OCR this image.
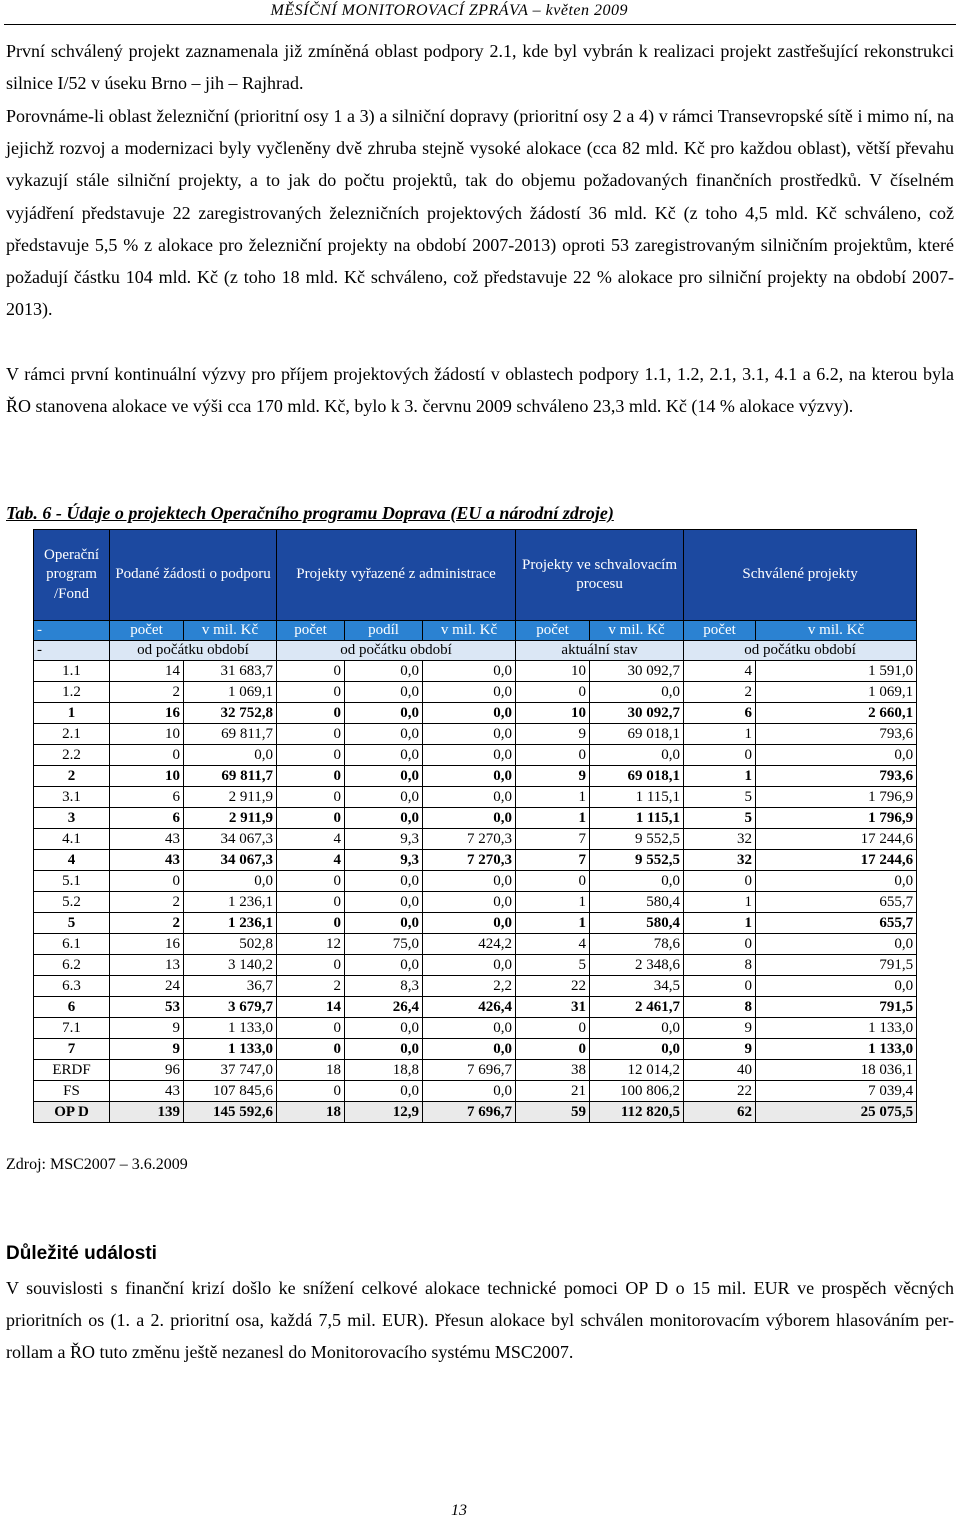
MĚSÍČNÍ MONITOROVACÍ ZPRÁVA – květen 2009

První schválený projekt zaznamenala již zmíněná oblast podpory 2.1, kde byl vybrán k realizaci projekt zastřešující rekonstrukci silnice I/52 v úseku Brno – jih – Rajhrad.

Porovnáme-li oblast železniční (prioritní osy 1 a 3) a silniční dopravy (prioritní osy 2 a 4) v rámci Transevropské sítě i mimo ní, na jejichž rozvoj a modernizaci byly vyčleněny dvě zhruba stejně vysoké alokace (cca 82 mld. Kč pro každou oblast), větší převahu vykazují stále silniční projekty, a to jak do počtu projektů, tak do objemu požadovaných finančních prostředků. V číselném vyjádření představuje 22 zaregistrovaných železničních projektových žádostí 36 mld. Kč (z toho 4,5 mld. Kč schváleno, což představuje 5,5 % z alokace pro železniční projekty na období 2007-2013) oproti 53 zaregistrovaným silničním projektům, které požadují částku 104 mld. Kč (z toho 18 mld. Kč schváleno, což představuje 22 % alokace pro silniční projekty na období 2007-2013).

V rámci první kontinuální výzvy pro příjem projektových žádostí v oblastech podpory 1.1, 1.2, 2.1, 3.1, 4.1 a 6.2, na kterou byla ŘO stanovena alokace ve výši cca 170 mld. Kč, bylo k 3. červnu 2009 schváleno 23,3 mld. Kč (14 % alokace výzvy).

Tab. 6 - Údaje o projektech Operačního programu Doprava (EU a národní zdroje)

Operační program /Fond	Podané žádosti o podporu		Projekty vyřazené z administrace			Projekty ve schvalovacím procesu		Schválené projekty	
-	počet	v mil. Kč	počet	podíl	v mil. Kč	počet	v mil. Kč	počet	v mil. Kč
-	od počátku období		od počátku období			aktuální stav		od počátku období	
1.1	14	31 683,7	0	0,0	0,0	10	30 092,7	4	1 591,0
1.2	2	1 069,1	0	0,0	0,0	0	0,0	2	1 069,1
1	16	32 752,8	0	0,0	0,0	10	30 092,7	6	2 660,1
2.1	10	69 811,7	0	0,0	0,0	9	69 018,1	1	793,6
2.2	0	0,0	0	0,0	0,0	0	0,0	0	0,0
2	10	69 811,7	0	0,0	0,0	9	69 018,1	1	793,6
3.1	6	2 911,9	0	0,0	0,0	1	1 115,1	5	1 796,9
3	6	2 911,9	0	0,0	0,0	1	1 115,1	5	1 796,9
4.1	43	34 067,3	4	9,3	7 270,3	7	9 552,5	32	17 244,6
4	43	34 067,3	4	9,3	7 270,3	7	9 552,5	32	17 244,6
5.1	0	0,0	0	0,0	0,0	0	0,0	0	0,0
5.2	2	1 236,1	0	0,0	0,0	1	580,4	1	655,7
5	2	1 236,1	0	0,0	0,0	1	580,4	1	655,7
6.1	16	502,8	12	75,0	424,2	4	78,6	0	0,0
6.2	13	3 140,2	0	0,0	0,0	5	2 348,6	8	791,5
6.3	24	36,7	2	8,3	2,2	22	34,5	0	0,0
6	53	3 679,7	14	26,4	426,4	31	2 461,7	8	791,5
7.1	9	1 133,0	0	0,0	0,0	0	0,0	9	1 133,0
7	9	1 133,0	0	0,0	0,0	0	0,0	9	1 133,0
ERDF	96	37 747,0	18	18,8	7 696,7	38	12 014,2	40	18 036,1
FS	43	107 845,6	0	0,0	0,0	21	100 806,2	22	7 039,4
OP D	139	145 592,6	18	12,9	7 696,7	59	112 820,5	62	25 075,5

Zdroj: MSC2007 – 3.6.2009

Důležité události

V souvislosti s finanční krizí došlo ke snížení celkové alokace technické pomoci OP D o 15 mil. EUR ve prospěch věcných prioritních os (1. a 2. prioritní osa, každá 7,5 mil. EUR). Přesun alokace byl schválen monitorovacím výborem hlasováním per-rollam a ŘO tuto změnu ještě nezanesl do Monitorovacího systému MSC2007.

13
